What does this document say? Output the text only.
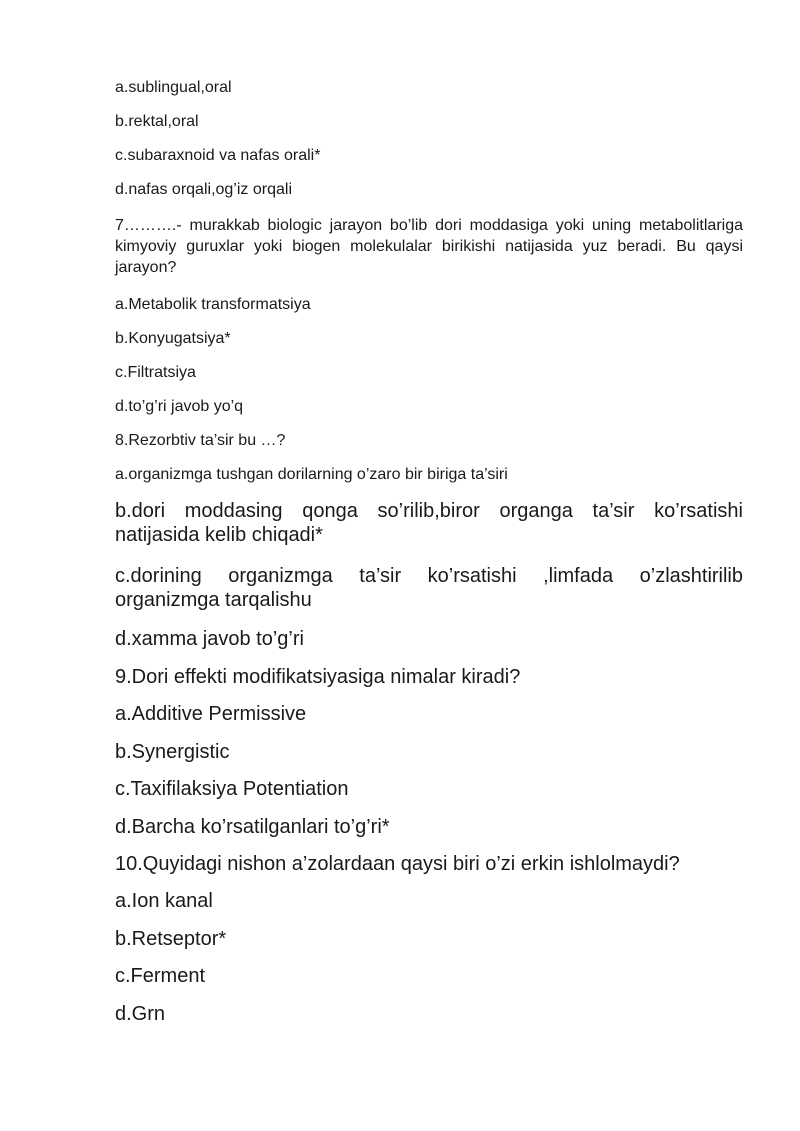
a.sublingual,oral
b.rektal,oral
c.subaraxnoid va nafas orali*
d.nafas orqali,og’iz orqali
7……….- murakkab biologic jarayon bo’lib dori moddasiga yoki uning metabolitlariga kimyoviy guruxlar yoki biogen molekulalar birikishi natijasida yuz beradi. Bu qaysi jarayon?
a.Metabolik transformatsiya
b.Konyugatsiya*
c.Filtratsiya
d.to’g’ri javob yo’q
8.Rezorbtiv ta’sir bu …?
a.organizmga tushgan dorilarning o’zaro bir biriga ta’siri
b.dori moddasing qonga so’rilib,biror organga ta’sir ko’rsatishi natijasida kelib chiqadi*
c.dorining organizmga ta’sir ko’rsatishi ,limfada o’zlashtirilib organizmga tarqalishu
d.xamma javob to’g’ri
9.Dori effekti modifikatsiyasiga nimalar kiradi?
a.Additive Permissive
b.Synergistic
c.Taxifilaksiya Potentiation
d.Barcha ko’rsatilganlari to’g’ri*
10.Quyidagi nishon a’zolardaan qaysi biri o’zi erkin ishlolmaydi?
a.Ion kanal
b.Retseptor*
c.Ferment
d.Grn
